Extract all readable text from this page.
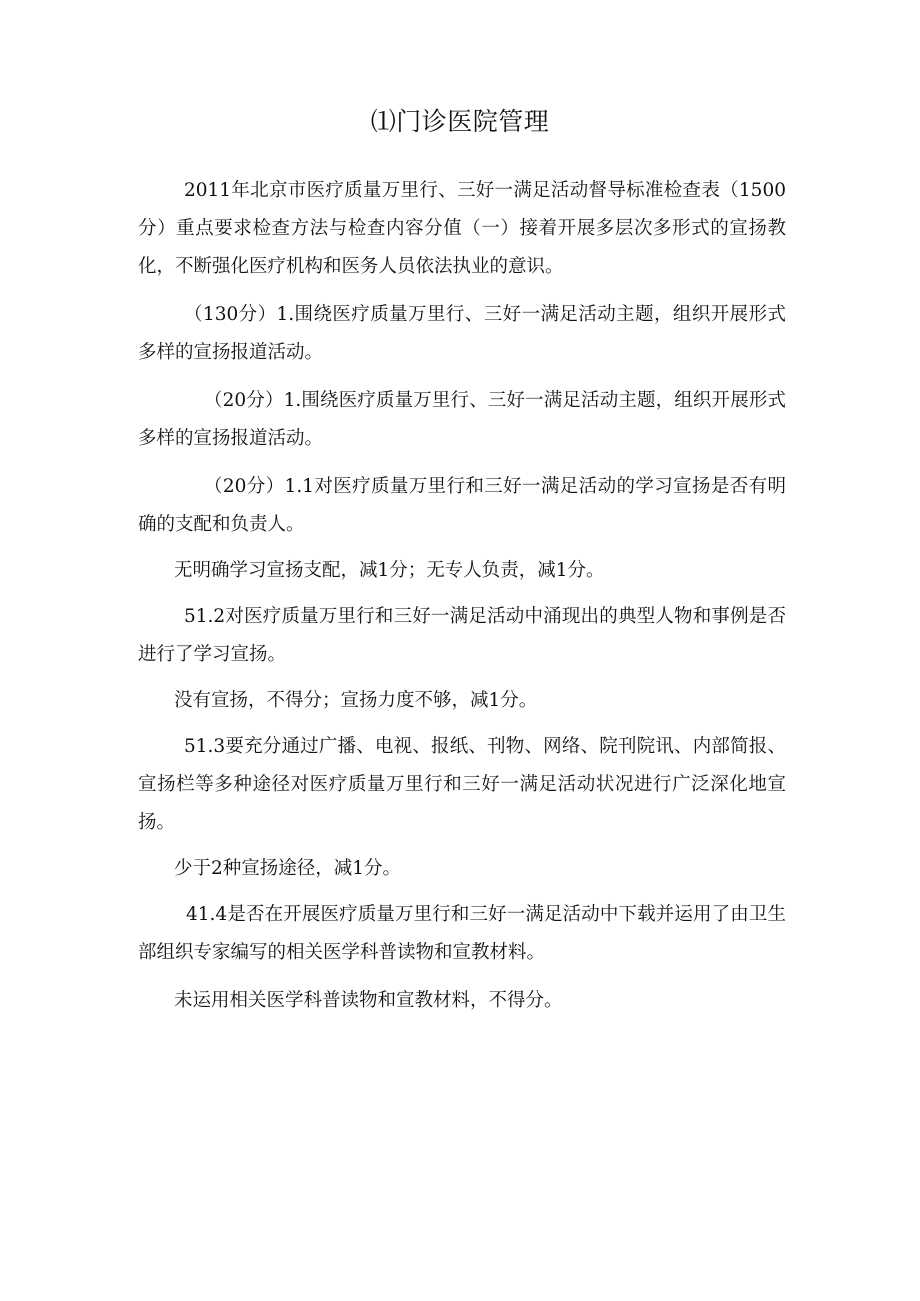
⑴门诊医院管理

2011年北京市医疗质量万里行、三好一满足活动督导标准检查表（1500分）重点要求检查方法与检查内容分值（一）接着开展多层次多形式的宣扬教化，不断强化医疗机构和医务人员依法执业的意识。

（130分）1.围绕医疗质量万里行、三好一满足活动主题，组织开展形式多样的宣扬报道活动。

（20分）1.围绕医疗质量万里行、三好一满足活动主题，组织开展形式多样的宣扬报道活动。

（20分）1.1对医疗质量万里行和三好一满足活动的学习宣扬是否有明确的支配和负责人。

无明确学习宣扬支配，减1分；无专人负责，减1分。

51.2对医疗质量万里行和三好一满足活动中涌现出的典型人物和事例是否进行了学习宣扬。

没有宣扬，不得分；宣扬力度不够，减1分。

51.3要充分通过广播、电视、报纸、刊物、网络、院刊院讯、内部简报、宣扬栏等多种途径对医疗质量万里行和三好一满足活动状况进行广泛深化地宣扬。

少于2种宣扬途径，减1分。

41.4是否在开展医疗质量万里行和三好一满足活动中下载并运用了由卫生部组织专家编写的相关医学科普读物和宣教材料。

未运用相关医学科普读物和宣教材料，不得分。
